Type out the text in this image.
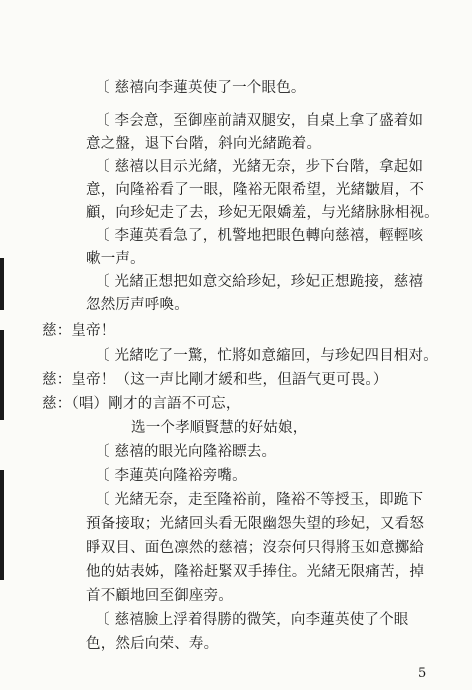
〔 慈禧向李蓮英使了一个眼色。
〔 李会意，至御座前請双腿安，自桌上拿了盛着如
意之盤，退下台階，斜向光緒跪着。
〔 慈禧以目示光緒，光緒无奈，步下台階，拿起如
意，向隆裕看了一眼，隆裕无限希望，光緒皺眉，不
顧，向珍妃走了去，珍妃无限嬌羞，与光緒脉脉相视。
〔 李蓮英看急了，机警地把眼色轉向慈禧，輕輕咳
嗽一声。
〔 光緒正想把如意交給珍妃，珍妃正想跪接，慈禧
忽然厉声呼喚。
慈：皇帝！
〔 光緒吃了一驚，忙將如意縮回，与珍妃四目相对。
慈：皇帝！（这一声比剛才緩和些，但語气更可畏。）
慈：（唱）剛才的言語不可忘，
选一个孝順賢慧的好姑娘，
〔 慈禧的眼光向隆裕瞟去。
〔 李蓮英向隆裕旁嘴。
〔 光緒无奈，走至隆裕前，隆裕不等授玉，即跪下
預备接取；光緒回头看无限幽怨失望的珍妃，又看怒
睜双目、面色凛然的慈禧；沒奈何只得將玉如意擲給
他的姑表姊，隆裕赶緊双手捧住。光緒无限痛苦，掉
首不顧地回至御座旁。
〔 慈禧臉上浮着得勝的微笑，向李蓮英使了个眼
色，然后向荣、寿。
5
